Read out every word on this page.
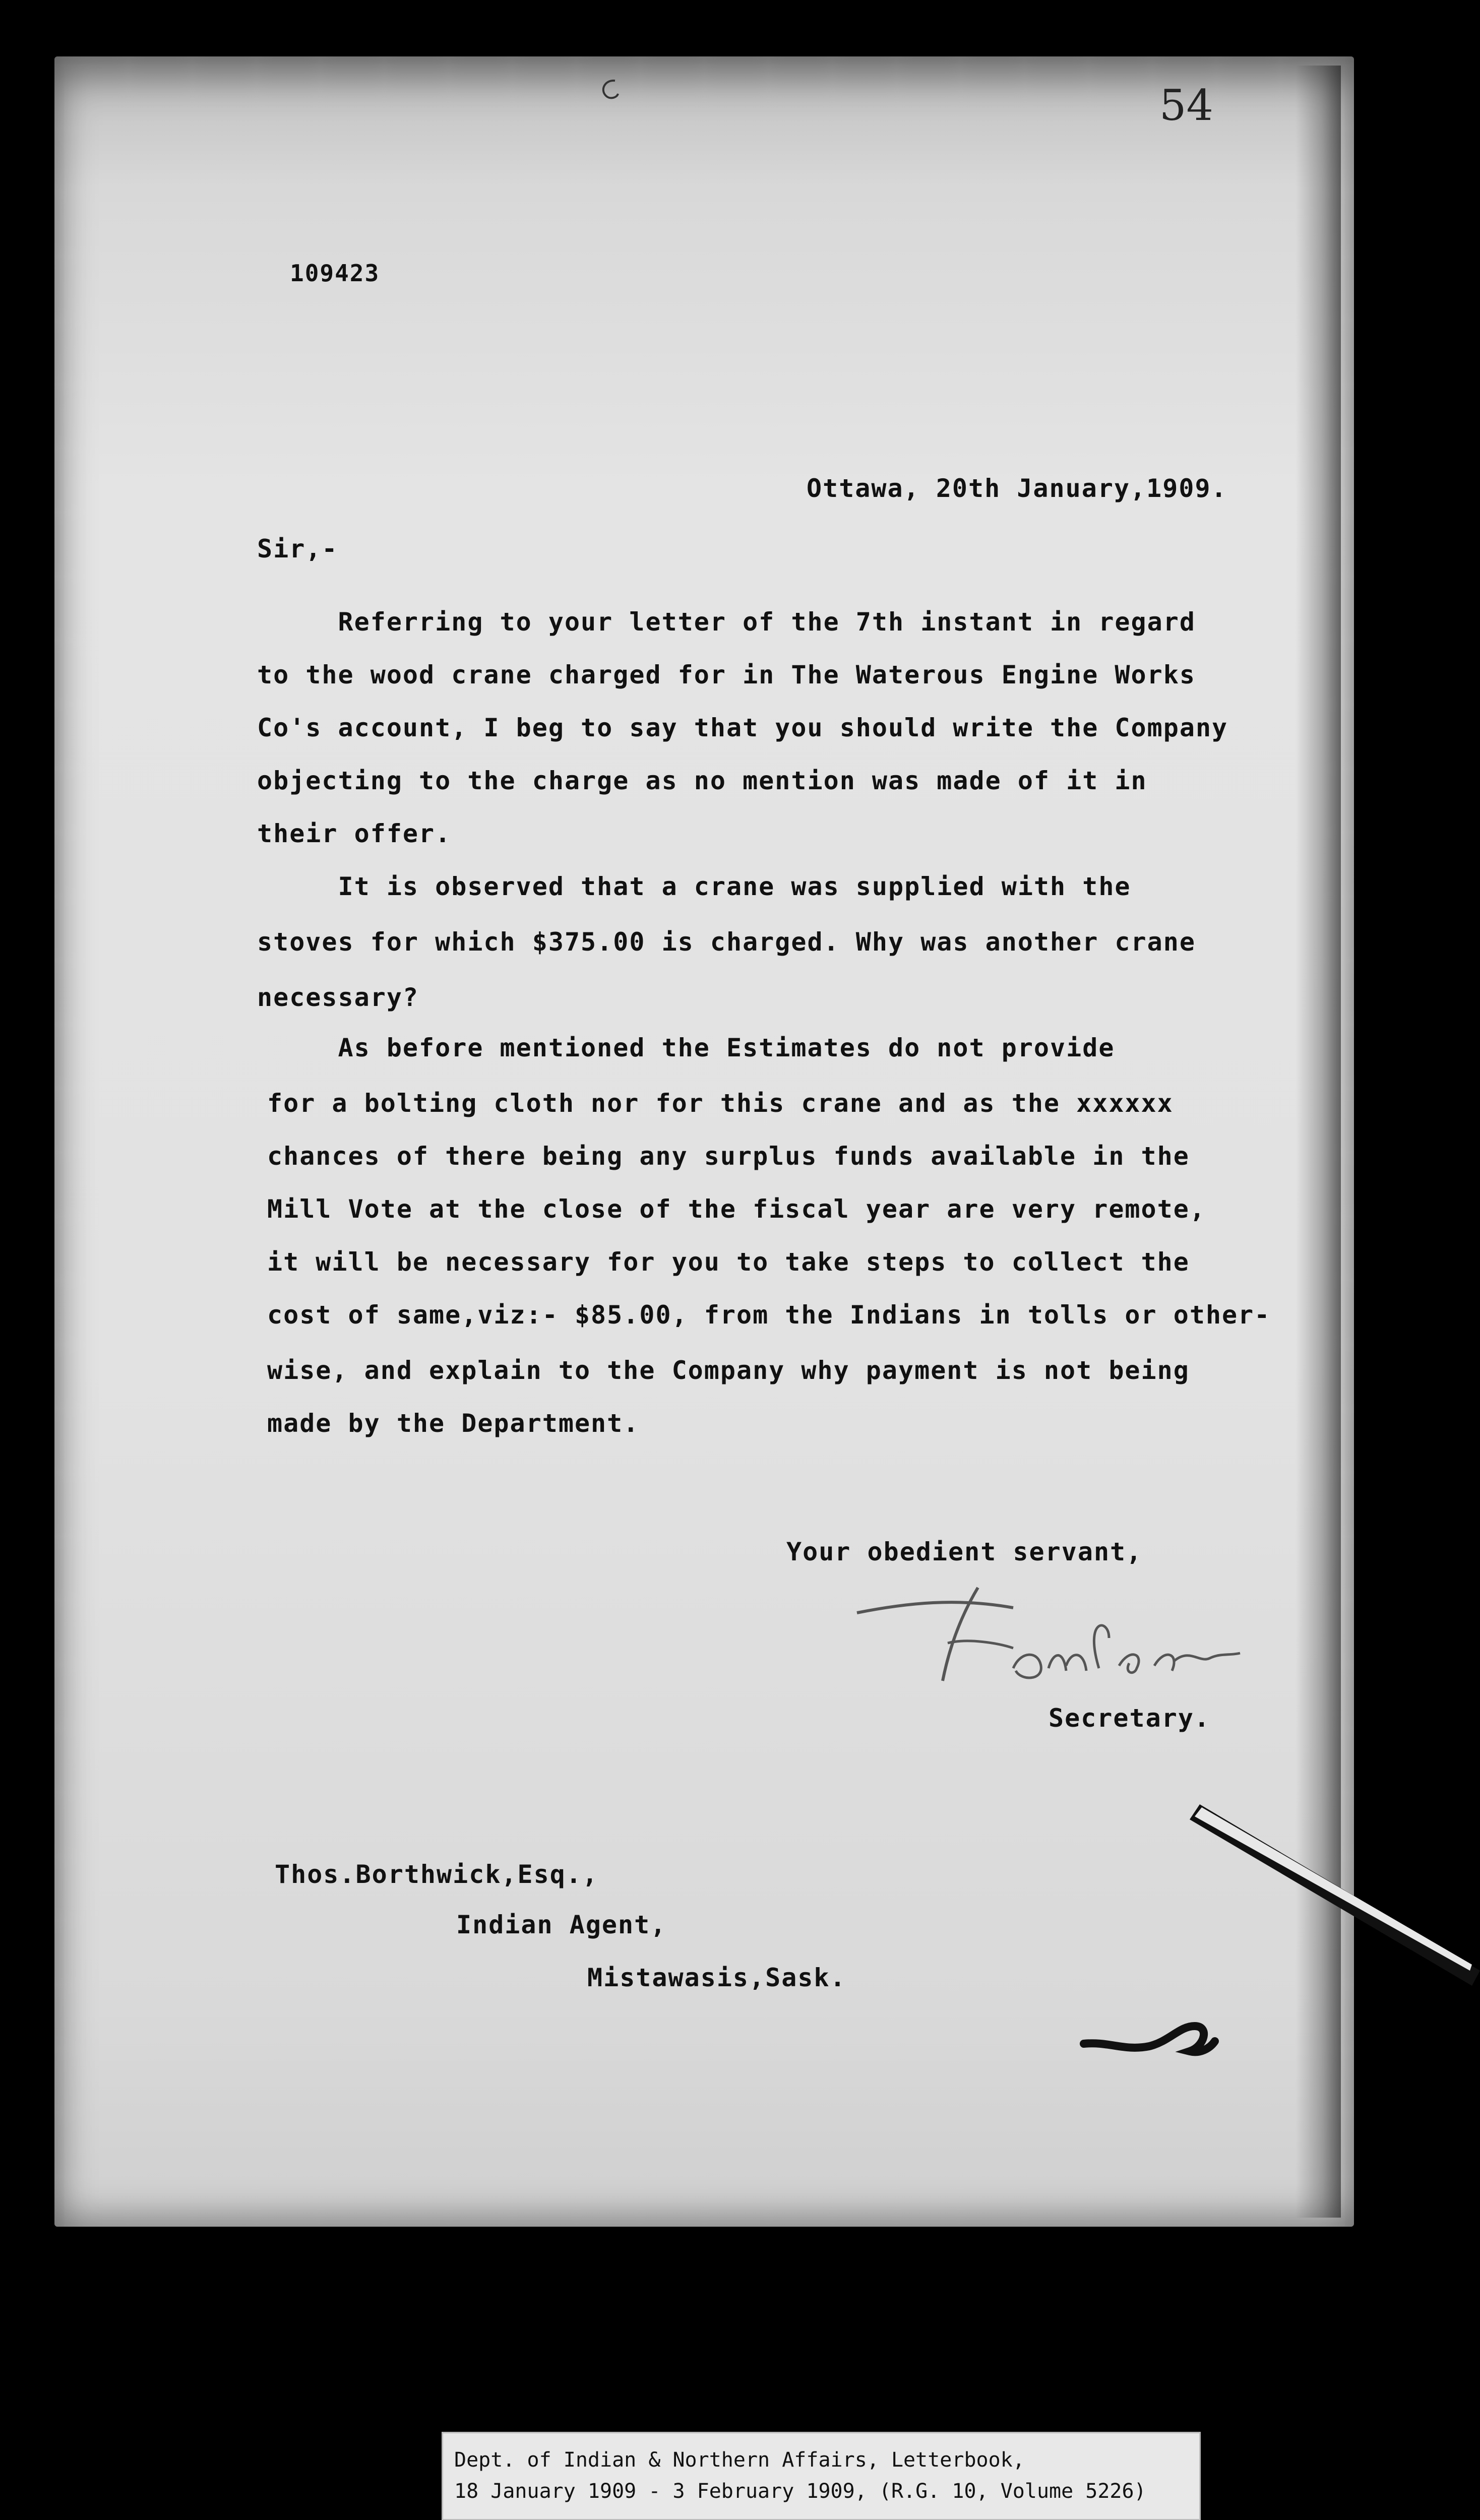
54
109423
Ottawa, 20th January,1909.
Sir,-
Referring to your letter of the 7th instant in regard
to the wood crane charged for in The Waterous Engine Works
Co's account, I beg to say that you should write the Company
objecting to the charge as no mention was made of it in
their offer.
It is observed that a crane was supplied with the
stoves for which $375.00 is charged. Why was another crane
necessary?
As before mentioned the Estimates do not provide
for a bolting cloth nor for this crane and as the xxxxxx
chances of there being any surplus funds available in the
Mill Vote at the close of the fiscal year are very remote,
it will be necessary for you to take steps to collect the
cost of same,viz:- $85.00, from the Indians in tolls or other-
wise, and explain to the Company why payment is not being
made by the Department.
Your obedient servant,
Secretary.
Thos.Borthwick,Esq.,
Indian Agent,
Mistawasis,Sask.
Dept. of Indian & Northern Affairs, Letterbook,
18 January 1909 - 3 February 1909, (R.G. 10, Volume 5226)
